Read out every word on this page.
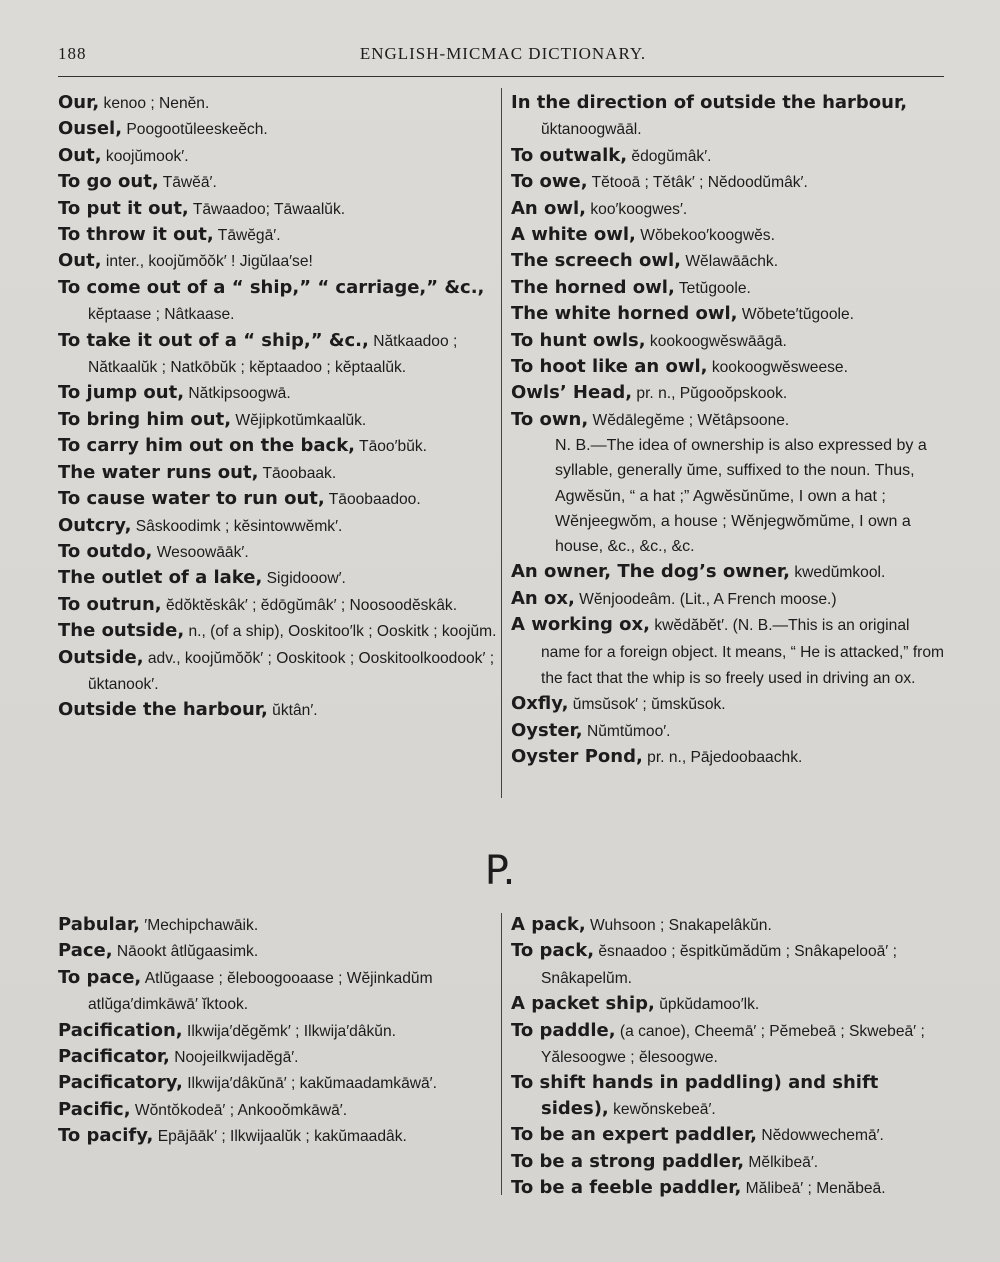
188	ENGLISH-MICMAC DICTIONARY.

Our, kenoo ; Nenĕn.

Ousel, Poogootŭleeskeĕch.

Out, koojŭmook′.

To go out, Tāwĕā′.

To put it out, Tāwaadoo; Tāwaalŭk.

To throw it out, Tāwĕgā′.

Out, inter., koojŭmŏŏk′ ! Jigŭlaa′se!

To come out of a “ ship,” “ carriage,” &c., kĕptaase ; Nâtkaase.

To take it out of a “ ship,” &c., Nătkaadoo ; Nătkaalŭk ; Natkōbŭk ; kĕptaadoo ; kĕptaalŭk.

To jump out, Nătkipsoogwā.

To bring him out, Wĕjipkotŭmkaalŭk.

To carry him out on the back, Tāoo′bŭk.

The water runs out, Tāoobaak.

To cause water to run out, Tāoobaadoo.

Outcry, Sâskoodimk ; kĕsintowwĕmk′.

To outdo, Wesoowāāk′.

The outlet of a lake, Sigidooow′.

To outrun, ĕdŏktĕskâk′ ; ĕdōgŭmâk′ ; Noosoodĕskâk.

The outside, n., (of a ship), Ooskitoo′lk ; Ooskitk ; koojŭm.

Outside, adv., koojŭmŏŏk′ ; Ooskitook ; Ooskitoolkoodook′ ; ŭktanook′.

Outside the harbour, ŭktân′.

In the direction of outside the harbour, ŭktanoogwāāl.

To outwalk, ĕdogŭmâk′.

To owe, Tĕtooā ; Tĕtâk′ ; Nĕdoodŭmâk′.

An owl, koo′koogwes′.

A white owl, Wŏbekoo′koogwĕs.

The screech owl, Wĕlawāāchk.

The horned owl, Tetŭgoole.

The white horned owl, Wŏbete′tŭgoole.

To hunt owls, kookoogwĕswāāgā.

To hoot like an owl, kookoogwĕsweese.

Owls’ Head, pr. n., Pŭgooŏpskook.

To own, Wĕdālegĕme ; Wĕtâpsoone.

N. B.—The idea of ownership is also expressed by a syllable, generally ŭme, suffixed to the noun. Thus, Agwĕsŭn, “ a hat ;” Agwĕsŭnŭme, I own a hat ; Wĕnjeegwŏm, a house ; Wĕnjegwŏmŭme, I own a house, &c., &c., &c.

An owner, The dog’s owner, kwedŭmkool.

An ox, Wĕnjoodeâm. (Lit., A French moose.)

A working ox, kwĕdăbĕt′. (N. B.—This is an original name for a foreign object. It means, “ He is attacked,” from the fact that the whip is so freely used in driving an ox.

Oxfly, ŭmsŭsok′ ; ŭmskŭsok.

Oyster, Nŭmtŭmoo′.

Oyster Pond, pr. n., Pājedoobaachk.

P.

Pabular, ′Mechipchawāik.

Pace, Nāookt âtlŭgaasimk.

To pace, Atlŭgaase ; ĕleboogooaase ; Wĕjinkadŭm atlŭga′dimkāwā′ ĭktook.

Pacification, Ilkwija′dĕgĕmk′ ; Ilkwija′dâkŭn.

Pacificator, Noojeilkwijadĕgā′.

Pacificatory, Ilkwija′dâkŭnā′ ; kakŭmaadamkāwā′.

Pacific, Wŏntŏkodeā′ ; Ankooŏmkāwā′.

To pacify, Epājāāk′ ; Ilkwijaalŭk ; kakŭmaadâk.

A pack, Wuhsoon ; Snakapelâkŭn.

To pack, ĕsnaadoo ; ĕspitkŭmădŭm ; Snâkapelooā′ ; Snâkapelŭm.

A packet ship, ŭpkŭdamoo′lk.

To paddle, (a canoe), Cheemā′ ; Pĕmebeā ; Skwebeā′ ; Yălesoogwe ; ĕlesoogwe.

To shift hands in paddling) and shift sides), kewŏnskebeā′.

To be an expert paddler, Nĕdowwechemā′.

To be a strong paddler, Mĕlkibeā′.

To be a feeble paddler, Mălibeā′ ; Menăbeā.
